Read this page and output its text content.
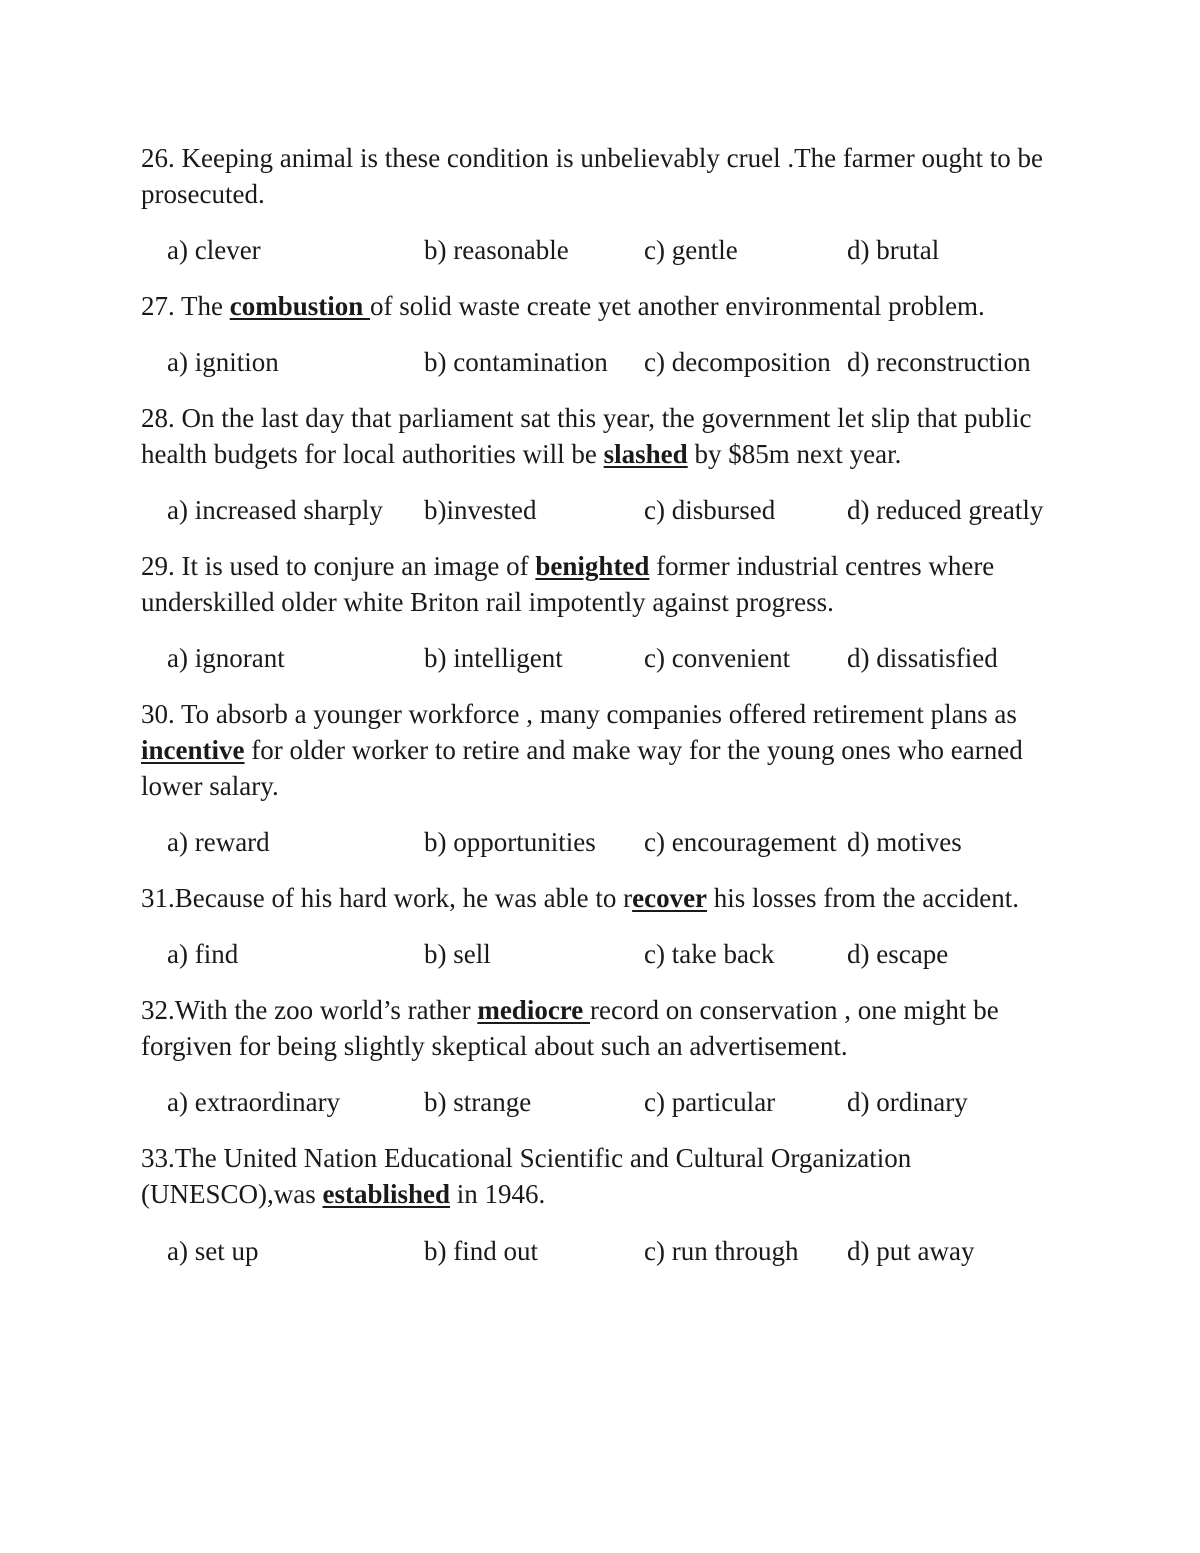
26. Keeping animal is these condition is unbelievably cruel .The farmer ought to be
prosecuted.
a) clever	b) reasonable	c) gentle	d) brutal
27. The combustion of solid waste create yet another environmental problem.
a) ignition	b) contamination c) decomposition d) reconstruction
28. On the last day that parliament sat this year, the government let slip that public
health budgets for local authorities will be slashed by $85m next year.
a) increased sharply b)invested	c) disbursed	d) reduced greatly
29. It is used to conjure an image of benighted former industrial centres where
underskilled older white Briton rail impotently against progress.
a) ignorant	b) intelligent	c) convenient d) dissatisfied
30. To absorb a younger workforce , many companies offered retirement plans as
incentive for older worker to retire and make way for the young ones who earned
lower salary.
a) reward	b) opportunities c) encouragement d) motives
31.Because of his hard work, he was able to recover his losses from the accident.
a) find	b) sell	c) take back	d) escape
32.With the zoo world’s rather mediocre record on conservation , one might be
forgiven for being slightly skeptical about such an advertisement.
a) extraordinary	b) strange	c) particular	d) ordinary
33.The United Nation Educational Scientific and Cultural Organization
(UNESCO),was established in 1946.
a) set up	b) find out	c) run through d) put away
